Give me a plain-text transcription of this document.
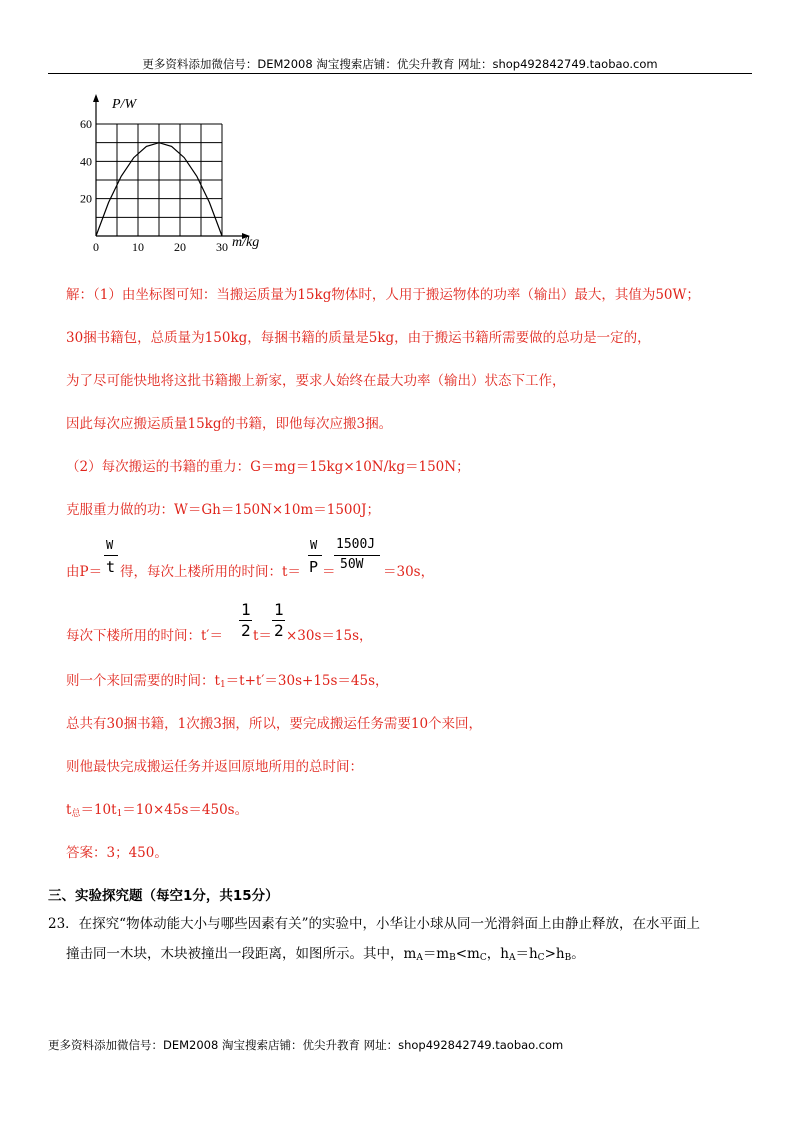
更多资料添加微信号：DEM2008 淘宝搜索店铺：优尖升教育 网址：shop492842749.taobao.com
0	10	20	30
20
40
60
P/W
m/kg
解：（1）由坐标图可知：当搬运质量为15kg物体时，人用于搬运物体的功率（输出）最大，其值为50W；
30捆书籍包，总质量为150kg，每捆书籍的质量是5kg，由于搬运书籍所需要做的总功是一定的，
为了尽可能快地将这批书籍搬上新家，要求人始终在最大功率（输出）状态下工作，
因此每次应搬运质量15kg的书籍，即他每次应搬3捆。
（2）每次搬运的书籍的重力：G＝mg＝15kg×10N/kg＝150N；
克服重力做的功：W＝Gh＝150N×10m＝1500J；
由P＝
W
t 得，每次上楼所用的时间：t＝
W
P ＝
1500J
50W ＝30s，
每次下楼所用的时间：t′＝
1
2 t＝
1
2 ×30s＝15s，
则一个来回需要的时间：$t_1=t+t'=30s+15s=45s$，
总共有30捆书籍，1次搬3捆，所以，要完成搬运任务需要10个来回，
则他最快完成搬运任务并返回原地所用的总时间：
$t_总=10t_1=10\times 45s=450s$。
答案：3；450。
三、实验探究题（每空1分，共15分）
23．在探究“物体动能大小与哪些因素有关”的实验中，小华让小球从同一光滑斜面上由静止释放，在水平面上
撞击同一木块，木块被撞出一段距离，如图所示。其中，$m_A=m_B<m_C$，$h_A=h_C>h_B$。
更多资料添加微信号：DEM2008 淘宝搜索店铺：优尖升教育 网址：shop492842749.taobao.com
